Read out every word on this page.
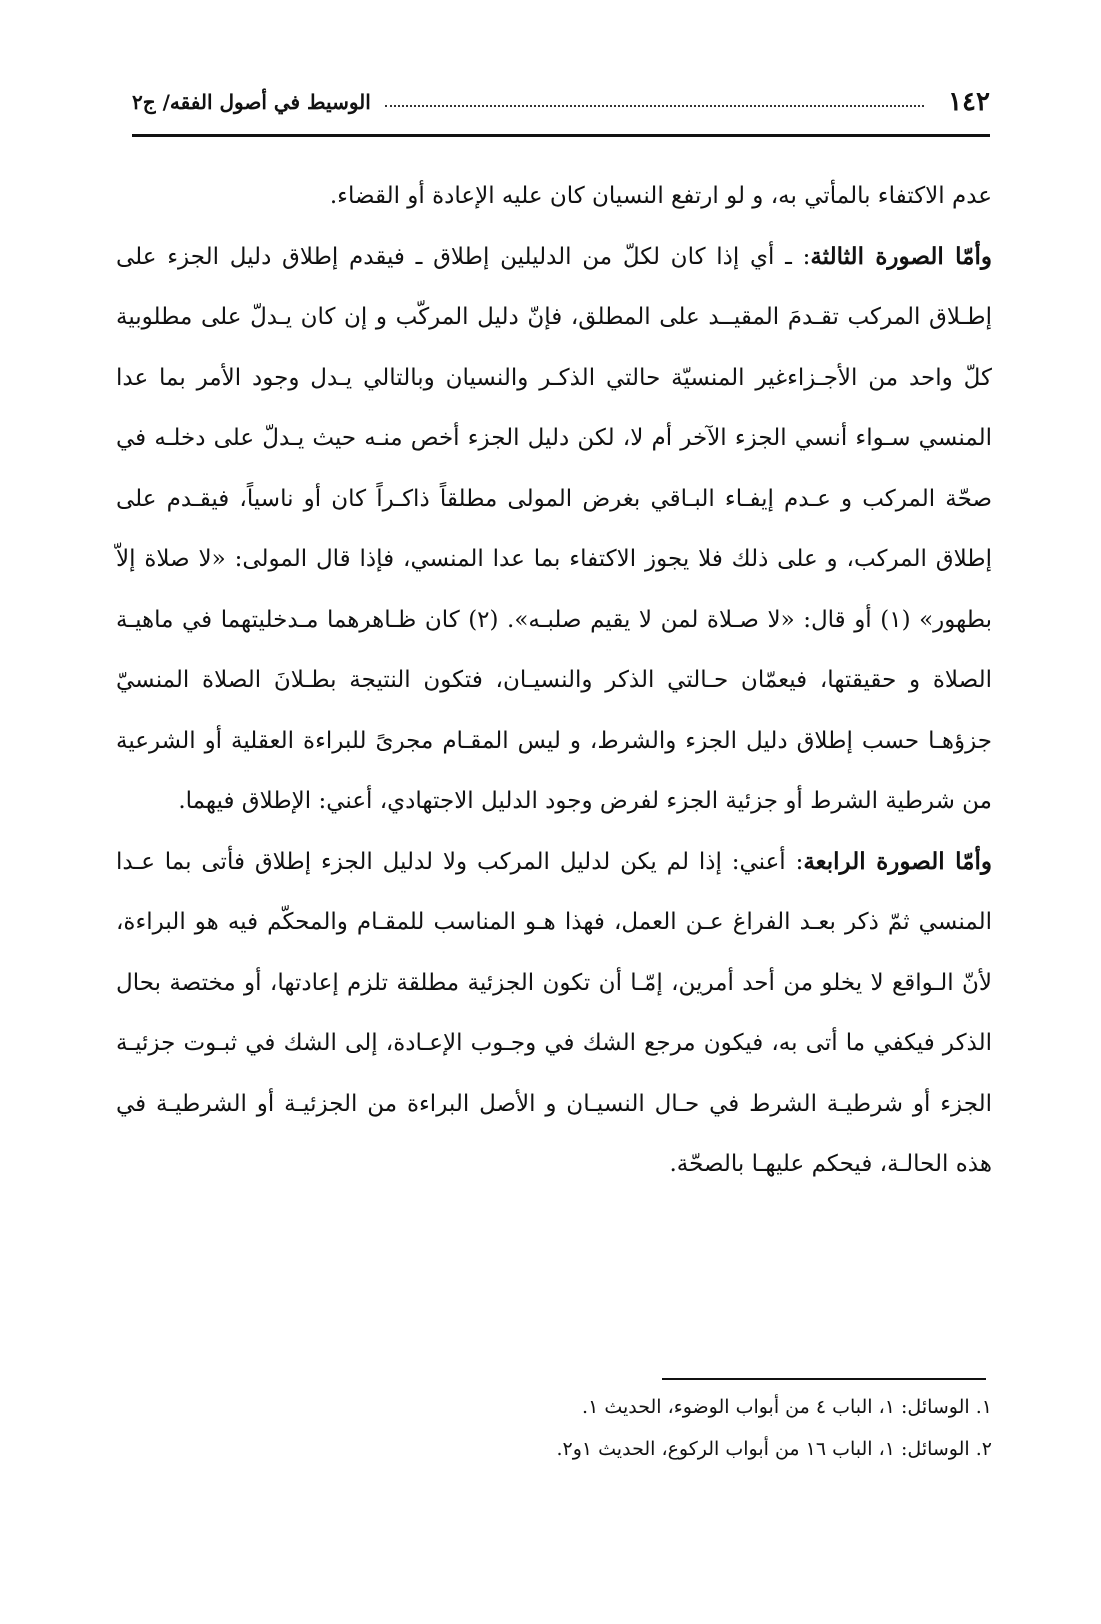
١٤٢
الوسيط في أصول الفقه/ ج٢

عدم الاكتفاء بالمأتي به، و لو ارتفع النسيان كان عليه الإعادة أو القضاء.

وأمّا الصورة الثالثة: ـ أي إذا كان لكلّ من الدليلين إطلاق ـ فيقدم إطلاق دليل الجزء على إطـلاق المركب تقـدمَ المقيــد على المطلق، فإنّ دليل المركّب و إن كان يـدلّ على مطلوبية كلّ واحد من الأجـزاءغير المنسيّة حالتي الذكـر والنسيان وبالتالي يـدل وجود الأمر بما عدا المنسي سـواء أنسي الجزء الآخر أم لا، لكن دليل الجزء أخص منـه حيث يـدلّ على دخلـه في صحّة المركب و عـدم إيفـاء البـاقي بغرض المولى مطلقاً ذاكـراً كان أو ناسياً، فيقـدم على إطلاق المركب، و على ذلك فلا يجوز الاكتفاء بما عدا المنسي، فإذا قال المولى: «لا صلاة إلاّ بطهور» (١) أو قال: «لا صـلاة لمن لا يقيم صلبـه». (٢) كان ظـاهرهما مـدخليتهما في ماهيـة الصلاة و حقيقتها، فيعمّان حـالتي الذكر والنسيـان، فتكون النتيجة بطـلانَ الصلاة المنسيّ جزؤهـا حسب إطلاق دليل الجزء والشرط، و ليس المقـام مجرىً للبراءة العقلية أو الشرعية من شرطية الشرط أو جزئية الجزء لفرض وجود الدليل الاجتهادي، أعني: الإطلاق فيهما.

وأمّا الصورة الرابعة: أعني: إذا لم يكن لدليل المركب ولا لدليل الجزء إطلاق فأتى بما عـدا المنسي ثمّ ذكر بعـد الفراغ عـن العمل، فهذا هـو المناسب للمقـام والمحكّم فيه هو البراءة، لأنّ الـواقع لا يخلو من أحد أمرين، إمّـا أن تكون الجزئية مطلقة تلزم إعادتها، أو مختصة بحال الذكر فيكفي ما أتى به، فيكون مرجع الشك في وجـوب الإعـادة، إلى الشك في ثبـوت جزئيـة الجزء أو شرطيـة الشرط في حـال النسيـان و الأصل البراءة من الجزئيـة أو الشرطيـة في هذه الحالـة، فيحكم عليهـا بالصحّة.

١. الوسائل: ١، الباب ٤ من أبواب الوضوء، الحديث ١.

٢. الوسائل: ١، الباب ١٦ من أبواب الركوع، الحديث ١و٢.
